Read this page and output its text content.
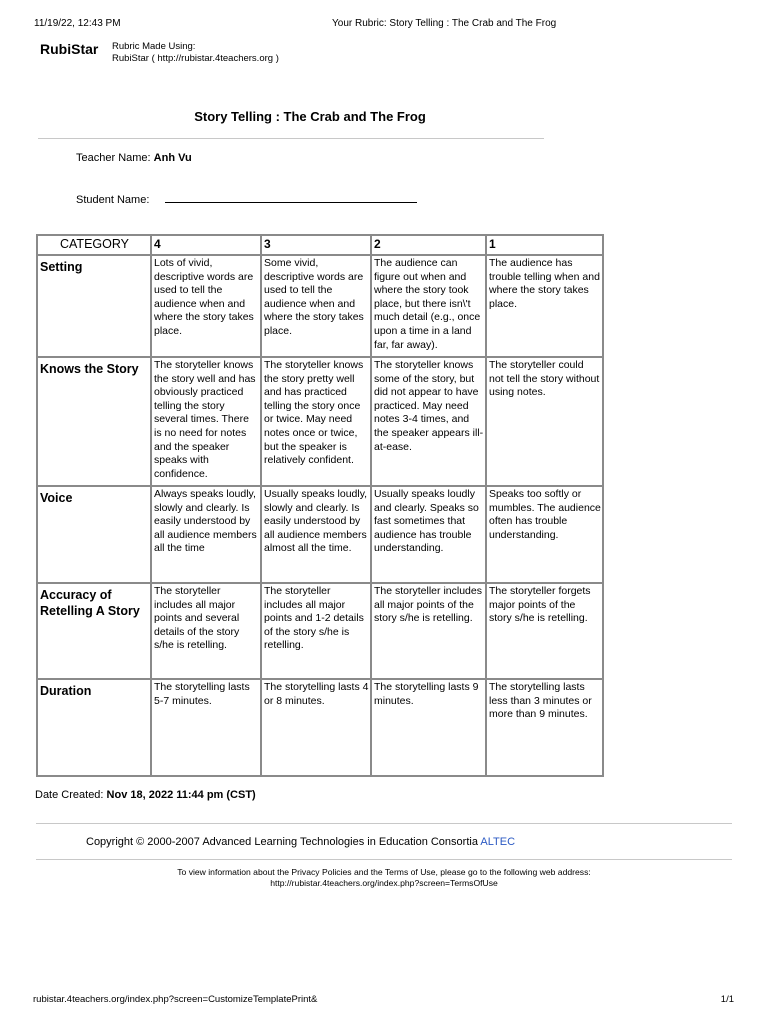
11/19/22, 12:43 PM	Your Rubric: Story Telling : The Crab and The Frog
RubiStar Rubric Made Using:
RubiStar ( http://rubistar.4teachers.org )
Story Telling : The Crab and The Frog
Teacher Name: Anh Vu
Student Name:
CATEGORY	4	3	2	1
Setting	Lots of vivid, descriptive words are used to tell the audience when and where the story takes place.	Some vivid, descriptive words are used to tell the audience when and where the story takes place.	The audience can figure out when and where the story took place, but there isn\'t much detail (e.g., once upon a time in a land far, far away).	The audience has trouble telling when and where the story takes place.
Knows the Story	The storyteller knows the story well and has obviously practiced telling the story several times. There is no need for notes and the speaker speaks with confidence.	The storyteller knows the story pretty well and has practiced telling the story once or twice. May need notes once or twice, but the speaker is relatively confident.	The storyteller knows some of the story, but did not appear to have practiced. May need notes 3-4 times, and the speaker appears ill-at-ease.	The storyteller could not tell the story without using notes.
Voice	Always speaks loudly, slowly and clearly. Is easily understood by all audience members all the time	Usually speaks loudly, slowly and clearly. Is easily understood by all audience members almost all the time.	Usually speaks loudly and clearly. Speaks so fast sometimes that audience has trouble understanding.	Speaks too softly or mumbles. The audience often has trouble understanding.
Accuracy of Retelling A Story	The storyteller includes all major points and several details of the story s/he is retelling.	The storyteller includes all major points and 1-2 details of the story s/he is retelling.	The storyteller includes all major points of the story s/he is retelling.	The storyteller forgets major points of the story s/he is retelling.
Duration	The storytelling lasts 5-7 minutes.	The storytelling lasts 4 or 8 minutes.	The storytelling lasts 9 minutes.	The storytelling lasts less than 3 minutes or more than 9 minutes.
Date Created: Nov 18, 2022 11:44 pm (CST)
Copyright © 2000-2007 Advanced Learning Technologies in Education Consortia ALTEC
To view information about the Privacy Policies and the Terms of Use, please go to the following web address:
http://rubistar.4teachers.org/index.php?screen=TermsOfUse
rubistar.4teachers.org/index.php?screen=CustomizeTemplatePrint&	1/1
